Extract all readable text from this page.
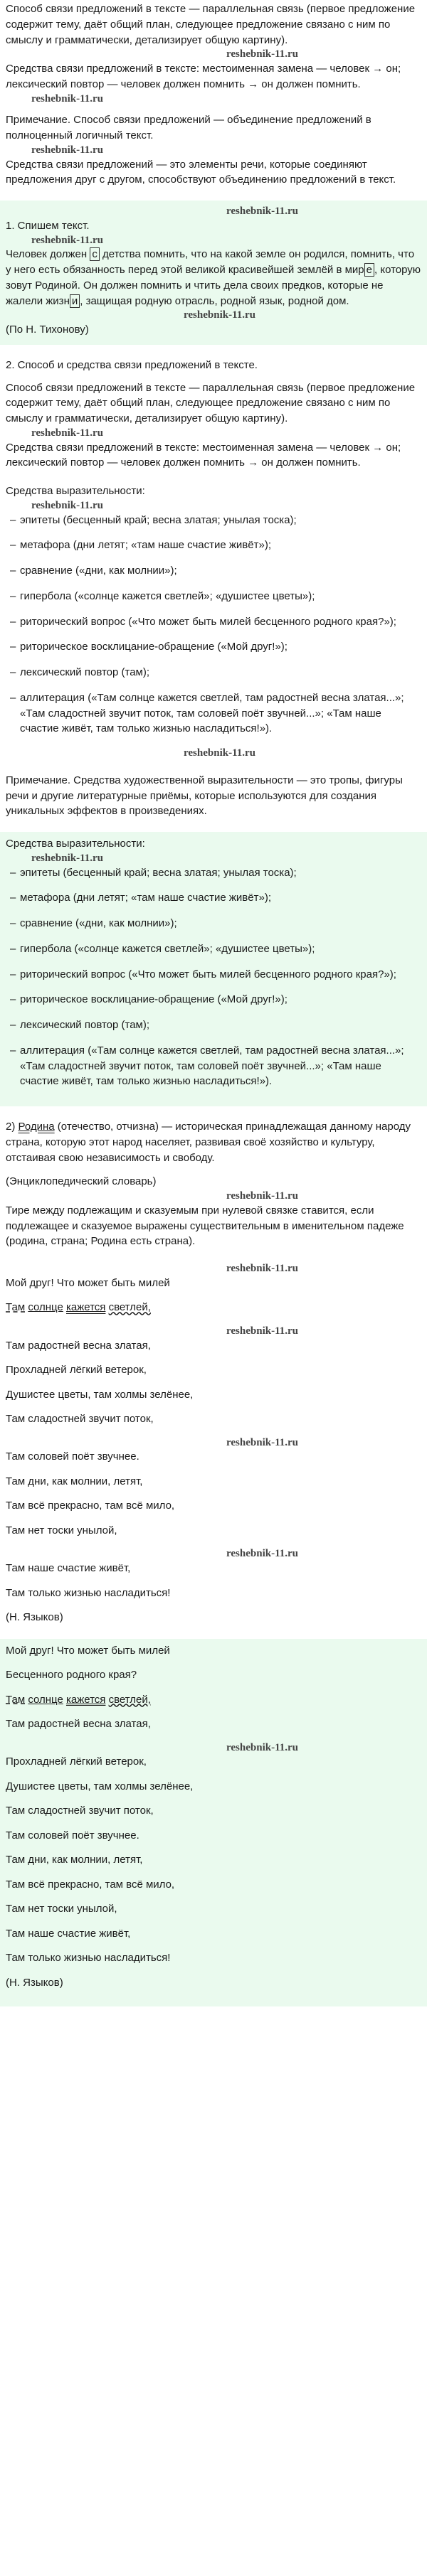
Способ связи предложений в тексте — параллельная связь (первое предложение содержит тему, даёт общий план, следующее предложение связано с ним по смыслу и грамматически, детализирует общую картину).

reshebnik-11.ru

Средства связи предложений в тексте: местоименная замена — человек → он; лексический повтор — человек должен помнить → он должен помнить.

reshebnik-11.ru

Примечание. Способ связи предложений — объединение предложений в полноценный логичный текст.

reshebnik-11.ru

Средства связи предложений — это элементы речи, которые соединяют предложения друг с другом, способствуют объединению предложений в текст.

reshebnik-11.ru

1. Спишем текст.

reshebnik-11.ru

Человек должен с детства помнить, что на какой земле он родился, помнить, что у него есть обязанность перед этой великой красивейшей землёй в мир е , которую зовут Родиной. Он должен помнить и чтить дела своих предков, которые не жалели жизн и , защищая родную отрасль, родной язык, родной дом.

reshebnik-11.ru

(По Н. Тихонову)

2. Способ и средства связи предложений в тексте.

Способ связи предложений в тексте — параллельная связь (первое предложение содержит тему, даёт общий план, следующее предложение связано с ним по смыслу и грамматически, детализирует общую картину).

reshebnik-11.ru

Средства связи предложений в тексте: местоименная замена — человек → он; лексический повтор — человек должен помнить → он должен помнить.

Средства выразительности:

reshebnik-11.ru
– эпитеты (бесценный край; весна златая; унылая тоска);
– метафора (дни летят; «там наше счастие живёт»);
– сравнение («дни, как молнии»);
– гипербола («солнце кажется светлей»; «душистее цветы»);
– риторический вопрос («Что может быть милей бесценного родного края?»);
– риторическое восклицание-обращение («Мой друг!»);
– лексический повтор (там);
– аллитерация («Там солнце кажется светлей, там радостней весна златая...»; «Там сладостней звучит поток, там соловей поёт звучней...»; «Там наше счастие живёт, там только жизнью насладиться!»).
reshebnik-11.ru

Примечание. Средства художественной выразительности — это тропы, фигуры речи и другие литературные приёмы, которые используются для создания уникальных эффектов в произведениях.

Средства выразительности:

reshebnik-11.ru
– эпитеты (бесценный край; весна златая; унылая тоска);
– метафора (дни летят; «там наше счастие живёт»);
– сравнение («дни, как молнии»);
– гипербола («солнце кажется светлей»; «душистее цветы»);
– риторический вопрос («Что может быть милей бесценного родного края?»);
– риторическое восклицание-обращение («Мой друг!»);
– лексический повтор (там);
– аллитерация («Там солнце кажется светлей, там радостней весна златая...»; «Там сладостней звучит поток, там соловей поёт звучней...»; «Там наше счастие живёт, там только жизнью насладиться!»).

2) Родина (отечество, отчизна) — историческая принадлежащая данному народу страна, которую этот народ населяет, развивая своё хозяйство и культуру, отстаивая свою независимость и свободу.

(Энциклопедический словарь)

reshebnik-11.ru

Тире между подлежащим и сказуемым при нулевой связке ставится, если подлежащее и сказуемое выражены существительным в именительном падеже (родина, страна; Родина есть страна).

reshebnik-11.ru

Мой друг! Что может быть милей

Там солнце кажется светлей,

reshebnik-11.ru

Там радостней весна златая,

Прохладней лёгкий ветерок,

Душистее цветы, там холмы зелёнее,

Там сладостней звучит поток,

reshebnik-11.ru

Там соловей поёт звучнее.

Там дни, как молнии, летят,

Там всё прекрасно, там всё мило,

Там нет тоски унылой,

reshebnik-11.ru

Там наше счастие живёт,

Там только жизнью насладиться!

(Н. Языков)

Мой друг! Что может быть милей

Бесценного родного края?

Там солнце кажется светлей,

Там радостней весна златая,

reshebnik-11.ru

Прохладней лёгкий ветерок,

Душистее цветы, там холмы зелёнее,

Там сладостней звучит поток,

Там соловей поёт звучнее.

Там дни, как молнии, летят,

Там всё прекрасно, там всё мило,

Там нет тоски унылой,

Там наше счастие живёт,

Там только жизнью насладиться!

(Н. Языков)
